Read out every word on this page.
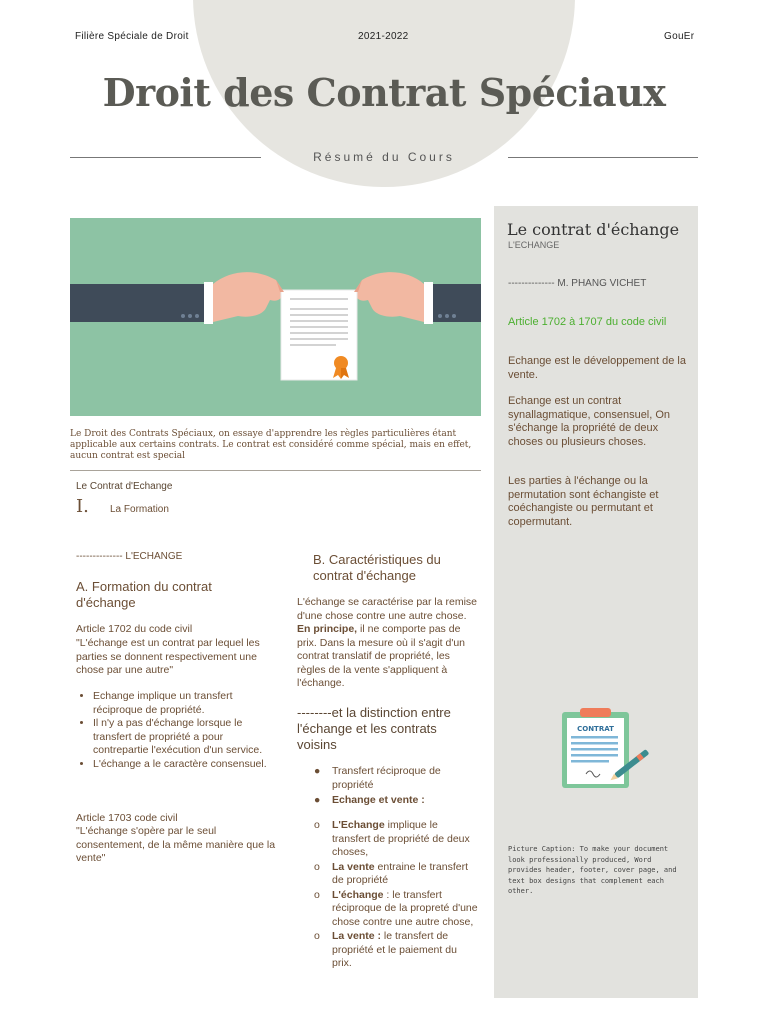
Filière Spéciale de Droit	2021-2022	GouEr
Droit des Contrat Spéciaux
Résumé du Cours
Le contrat d'échange
L'ECHANGE
-------------- M. PHANG VICHET
Article 1702 à 1707 du code civil
Echange est le développement de la vente.
Echange est un contrat synallagmatique, consensuel, On s'échange la propriété de deux choses ou plusieurs choses.
Les parties à l'échange ou la permutation sont échangiste et coéchangiste ou permutant et copermutant.
CONTRAT
Picture Caption: To make your document look professionally produced, Word provides header, footer, cover page, and text box designs that complement each other.
Le Droit des Contrats Spéciaux, on essaye d'apprendre les règles particulières étant applicable aux certains contrats. Le contrat est considéré comme spécial, mais en effet, aucun contrat est special
Le Contrat d'Echange
I. La Formation
-------------- L'ECHANGE
A. Formation du contrat d'échange
Article 1702 du code civil
"L'échange est un contrat par lequel les parties se donnent respectivement une chose par une autre"
• Echange implique un transfert réciproque de propriété.
• Il n'y a pas d'échange lorsque le transfert de propriété a pour contrepartie l'exécution d'un service.
• L'échange a le caractère consensuel.
Article 1703 code civil
"L'échange s'opère par le seul consentement, de la même manière que la vente"
B. Caractéristiques du contrat d'échange
L'échange se caractérise par la remise d'une chose contre une autre chose. En principe, il ne comporte pas de prix. Dans la mesure où il s'agit d'un contrat translatif de propriété, les règles de la vente s'appliquent à l'échange.
--------et la distinction entre l'échange et les contrats voisins
● Transfert réciproque de propriété
● Echange et vente :
o L'Echange implique le transfert de propriété de deux choses,
o La vente entraine le transfert de propriété
o L'échange : le transfert réciproque de la propreté d'une chose contre une autre chose,
o La vente : le transfert de propriété et le paiement du prix.
